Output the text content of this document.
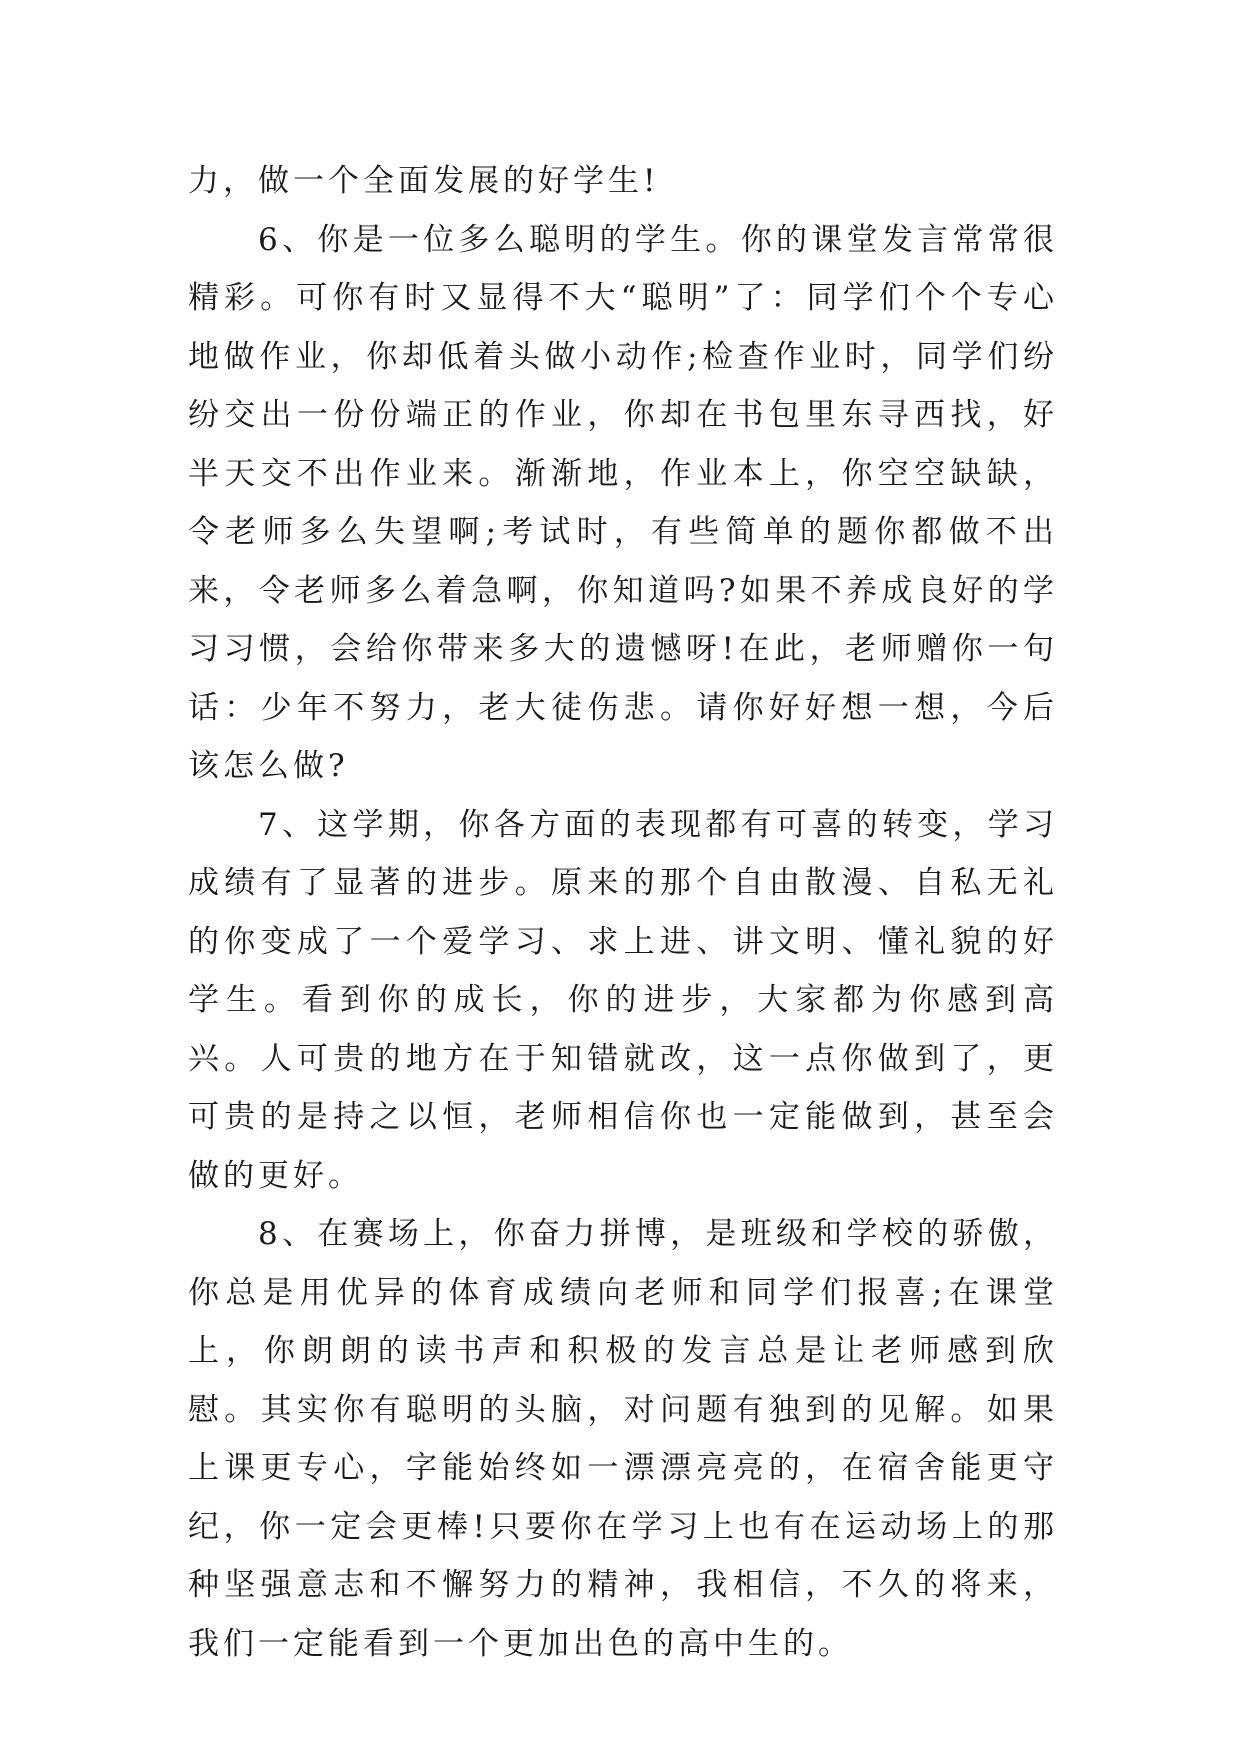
力，做一个全面发展的好学生!

6、你是一位多么聪明的学生。你的课堂发言常常很精彩。可你有时又显得不大“聪明”了：同学们个个专心地做作业，你却低着头做小动作;检查作业时，同学们纷纷交出一份份端正的作业，你却在书包里东寻西找，好半天交不出作业来。渐渐地，作业本上，你空空缺缺，令老师多么失望啊;考试时，有些简单的题你都做不出来，令老师多么着急啊，你知道吗?如果不养成良好的学习习惯，会给你带来多大的遗憾呀!在此，老师赠你一句话：少年不努力，老大徒伤悲。请你好好想一想，今后该怎么做?

7、这学期，你各方面的表现都有可喜的转变，学习成绩有了显著的进步。原来的那个自由散漫、自私无礼的你变成了一个爱学习、求上进、讲文明、懂礼貌的好学生。看到你的成长，你的进步，大家都为你感到高兴。人可贵的地方在于知错就改，这一点你做到了，更可贵的是持之以恒，老师相信你也一定能做到，甚至会做的更好。

8、在赛场上，你奋力拼博，是班级和学校的骄傲，你总是用优异的体育成绩向老师和同学们报喜;在课堂上，你朗朗的读书声和积极的发言总是让老师感到欣慰。其实你有聪明的头脑，对问题有独到的见解。如果上课更专心，字能始终如一漂漂亮亮的，在宿舍能更守纪，你一定会更棒!只要你在学习上也有在运动场上的那种坚强意志和不懈努力的精神，我相信，不久的将来，我们一定能看到一个更加出色的高中生的。
